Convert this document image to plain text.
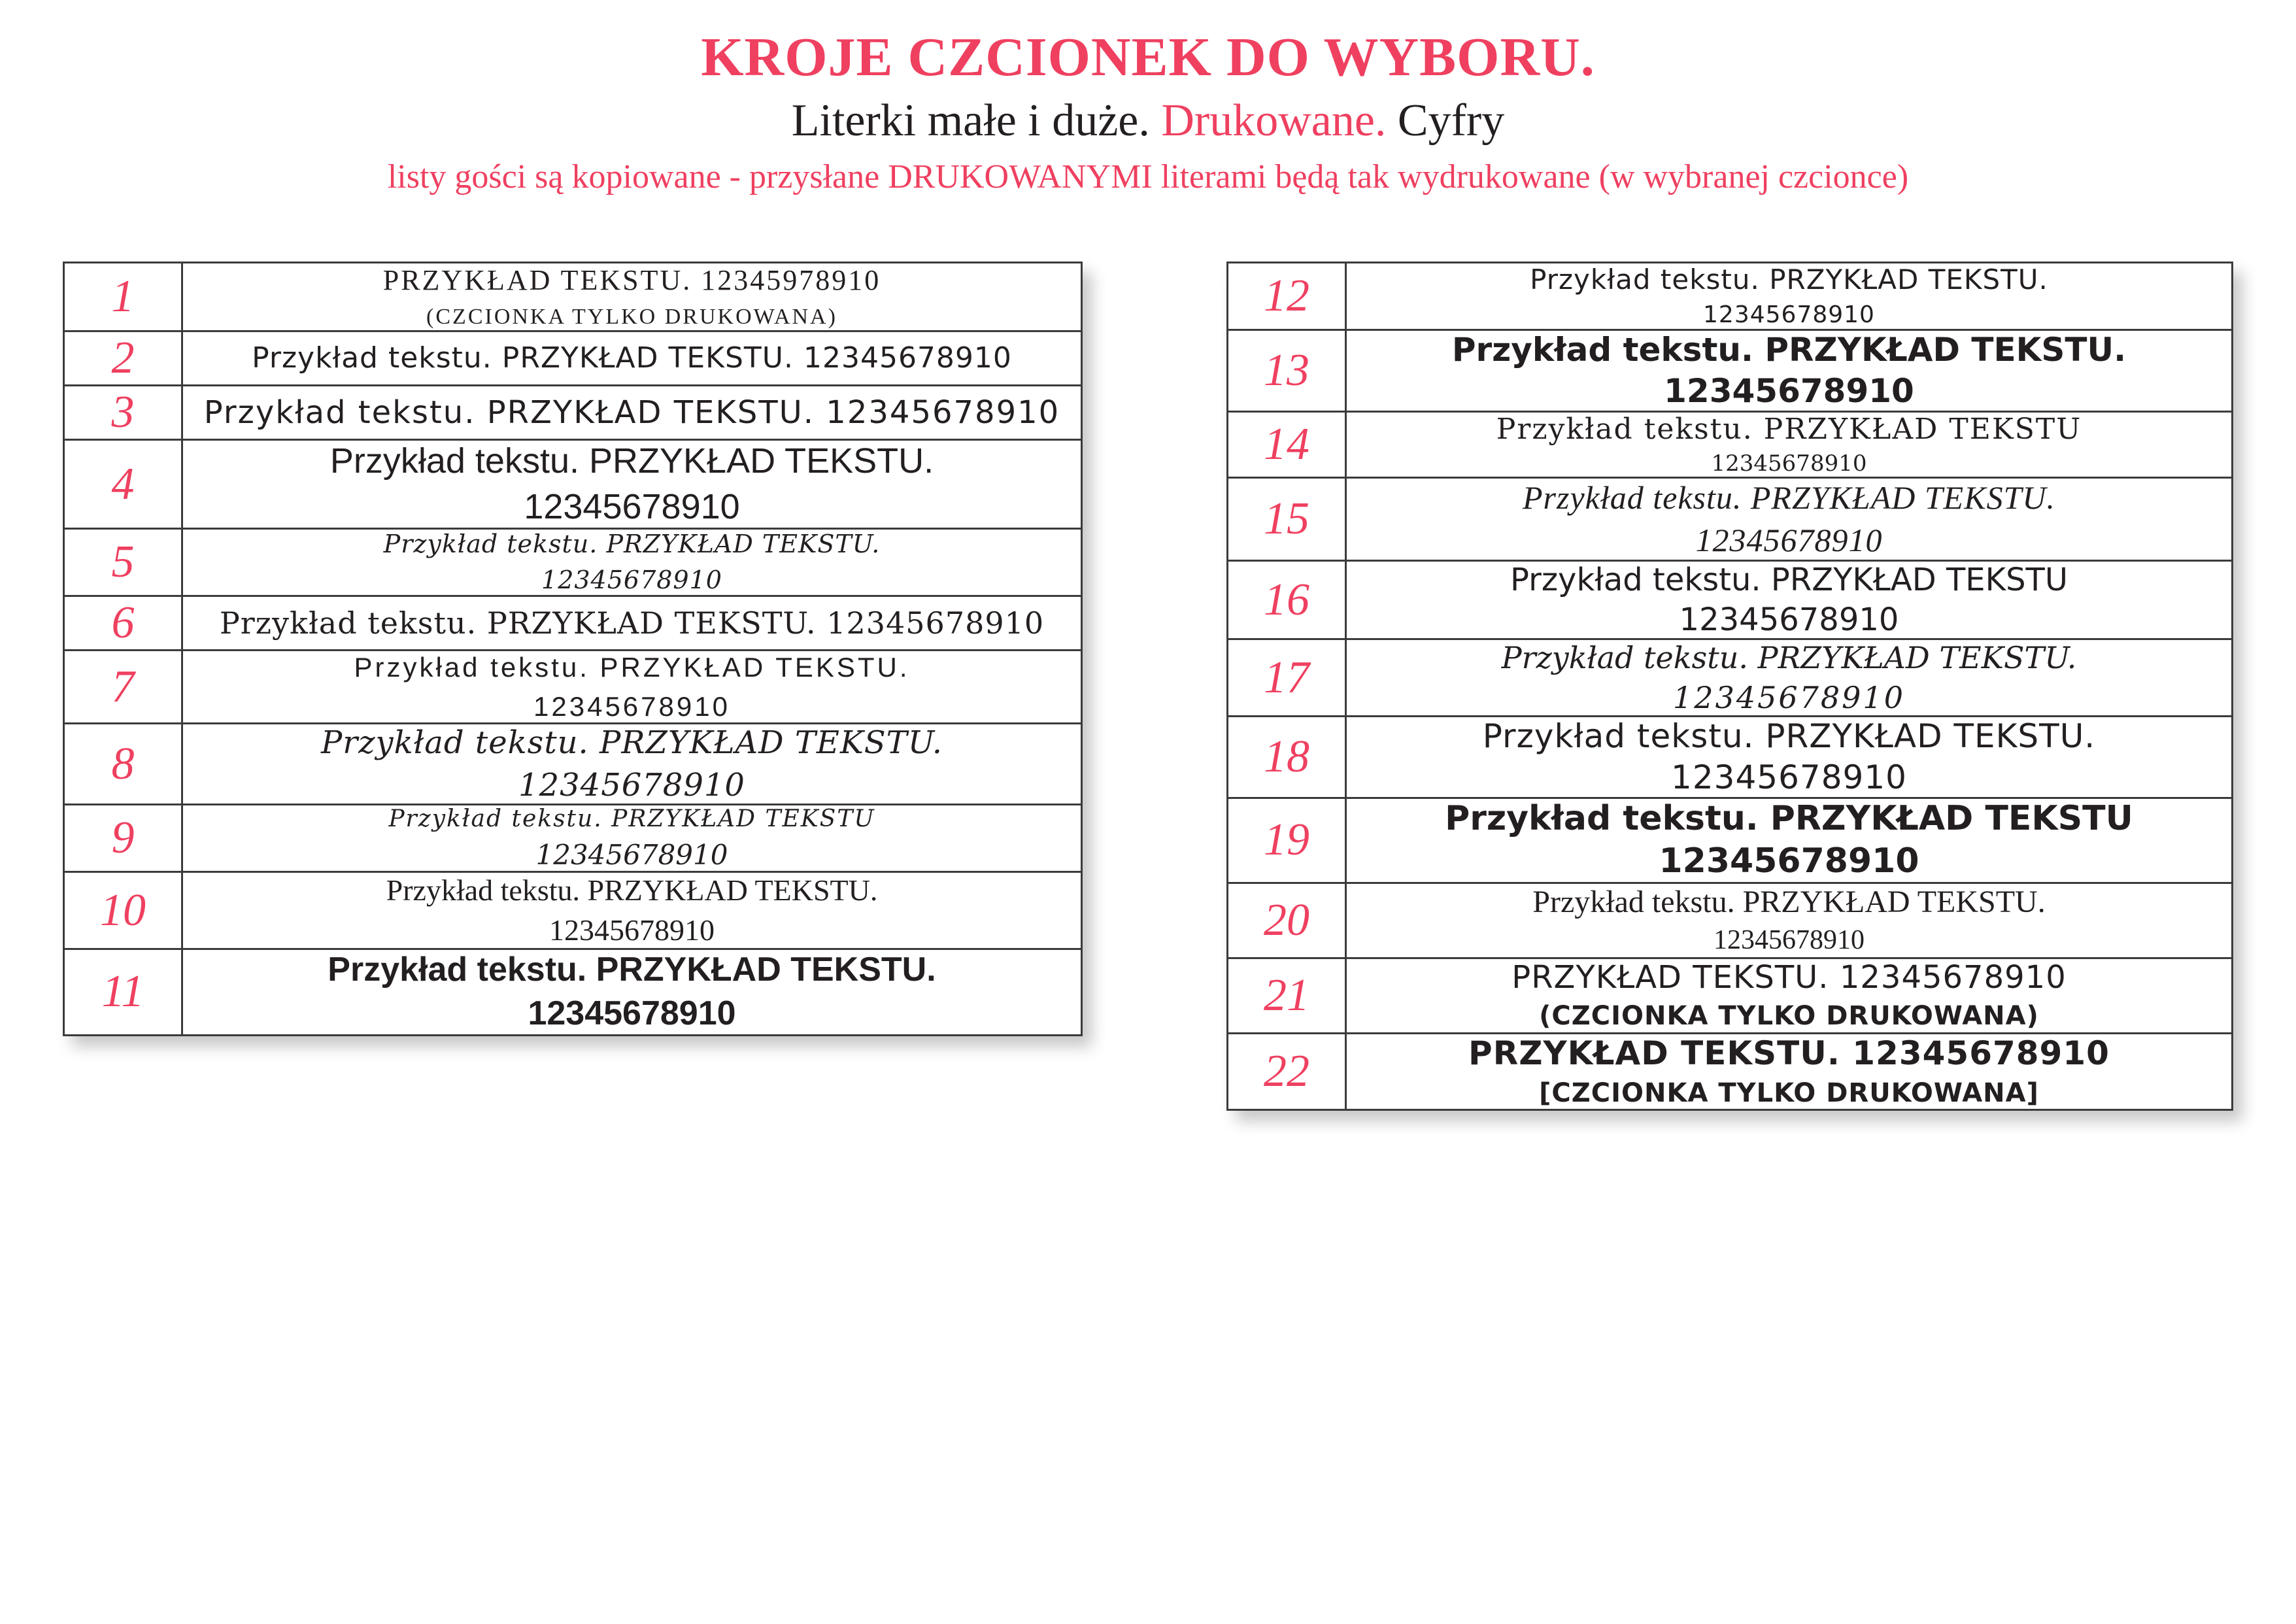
KROJE CZCIONEK DO WYBORU.
Literki małe i duże. Drukowane. Cyfry

listy gości są kopiowane - przysłane DRUKOWANYMI literami będą tak wydrukowane (w wybranej czcionce)

1	PRZYKŁAD TEKSTU. 12345978910
(CZCIONKA TYLKO DRUKOWANA)

2	Przykład tekstu. PRZYKŁAD TEKSTU. 12345678910

3	Przykład tekstu. PRZYKŁAD TEKSTU. 12345678910

4	Przykład tekstu. PRZYKŁAD TEKSTU.
12345678910

5	Przykład tekstu. PRZYKŁAD TEKSTU.
12345678910

6	Przykład tekstu. PRZYKŁAD TEKSTU. 12345678910

7	Przykład tekstu. PRZYKŁAD TEKSTU.
12345678910

8	Przykład tekstu. PRZYKŁAD TEKSTU.
12345678910

9	Przykład tekstu. PRZYKŁAD TEKSTU
12345678910

10	Przykład tekstu. PRZYKŁAD TEKSTU.
12345678910

11	Przykład tekstu. PRZYKŁAD TEKSTU.
12345678910
12	Przykład tekstu. PRZYKŁAD TEKSTU.
12345678910

13	Przykład tekstu. PRZYKŁAD TEKSTU.
12345678910

14	Przykład tekstu. PRZYKŁAD TEKSTU
12345678910

15	Przykład tekstu. PRZYKŁAD TEKSTU.
12345678910

16	Przykład tekstu. PRZYKŁAD TEKSTU
12345678910

17	Przykład tekstu. PRZYKŁAD TEKSTU.
12345678910

18	Przykład tekstu. PRZYKŁAD TEKSTU.
12345678910

19	Przykład tekstu. PRZYKŁAD TEKSTU
12345678910

20	Przykład tekstu. PRZYKŁAD TEKSTU.
12345678910

21	PRZYKŁAD TEKSTU. 12345678910
(CZCIONKA TYLKO DRUKOWANA)

22	PRZYKŁAD TEKSTU. 12345678910
[CZCIONKA TYLKO DRUKOWANA]
